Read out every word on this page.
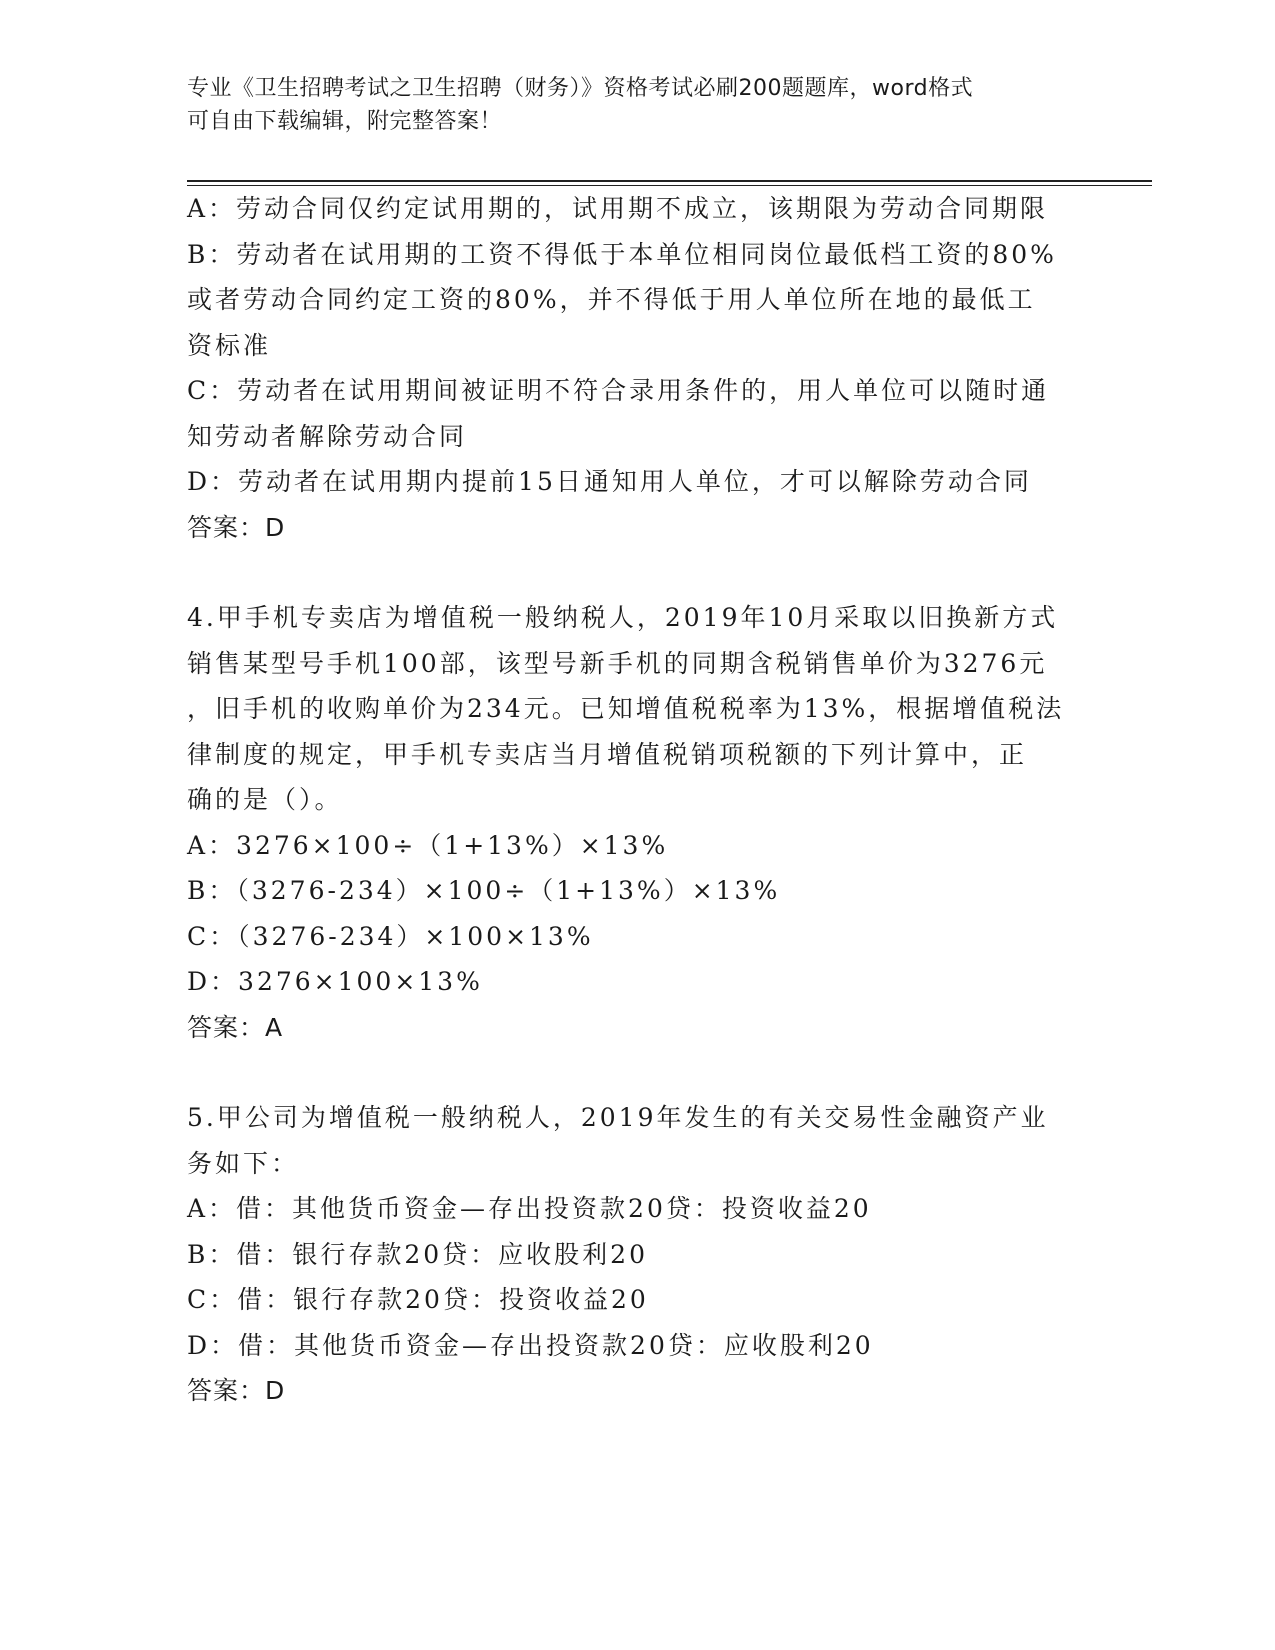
专业《卫生招聘考试之卫生招聘（财务）》资格考试必刷200题题库，word格式
可自由下载编辑，附完整答案！
A：劳动合同仅约定试用期的，试用期不成立，该期限为劳动合同期限
B：劳动者在试用期的工资不得低于本单位相同岗位最低档工资的80%
或者劳动合同约定工资的80%，并不得低于用人单位所在地的最低工
资标准
C：劳动者在试用期间被证明不符合录用条件的，用人单位可以随时通
知劳动者解除劳动合同
D：劳动者在试用期内提前15日通知用人单位，才可以解除劳动合同
答案：D
4.甲手机专卖店为增值税一般纳税人，2019年10月采取以旧换新方式
销售某型号手机100部，该型号新手机的同期含税销售单价为3276元
，旧手机的收购单价为234元。已知增值税税率为13%，根据增值税法
律制度的规定，甲手机专卖店当月增值税销项税额的下列计算中，正
确的是（）。
A：3276×100÷（1+13%）×13%
B：（3276-234）×100÷（1+13%）×13%
C：（3276-234）×100×13%
D：3276×100×13%
答案：A
5.甲公司为增值税一般纳税人，2019年发生的有关交易性金融资产业
务如下：
A：借：其他货币资金—存出投资款20贷：投资收益20
B：借：银行存款20贷：应收股利20
C：借：银行存款20贷：投资收益20
D：借：其他货币资金—存出投资款20贷：应收股利20
答案：D
